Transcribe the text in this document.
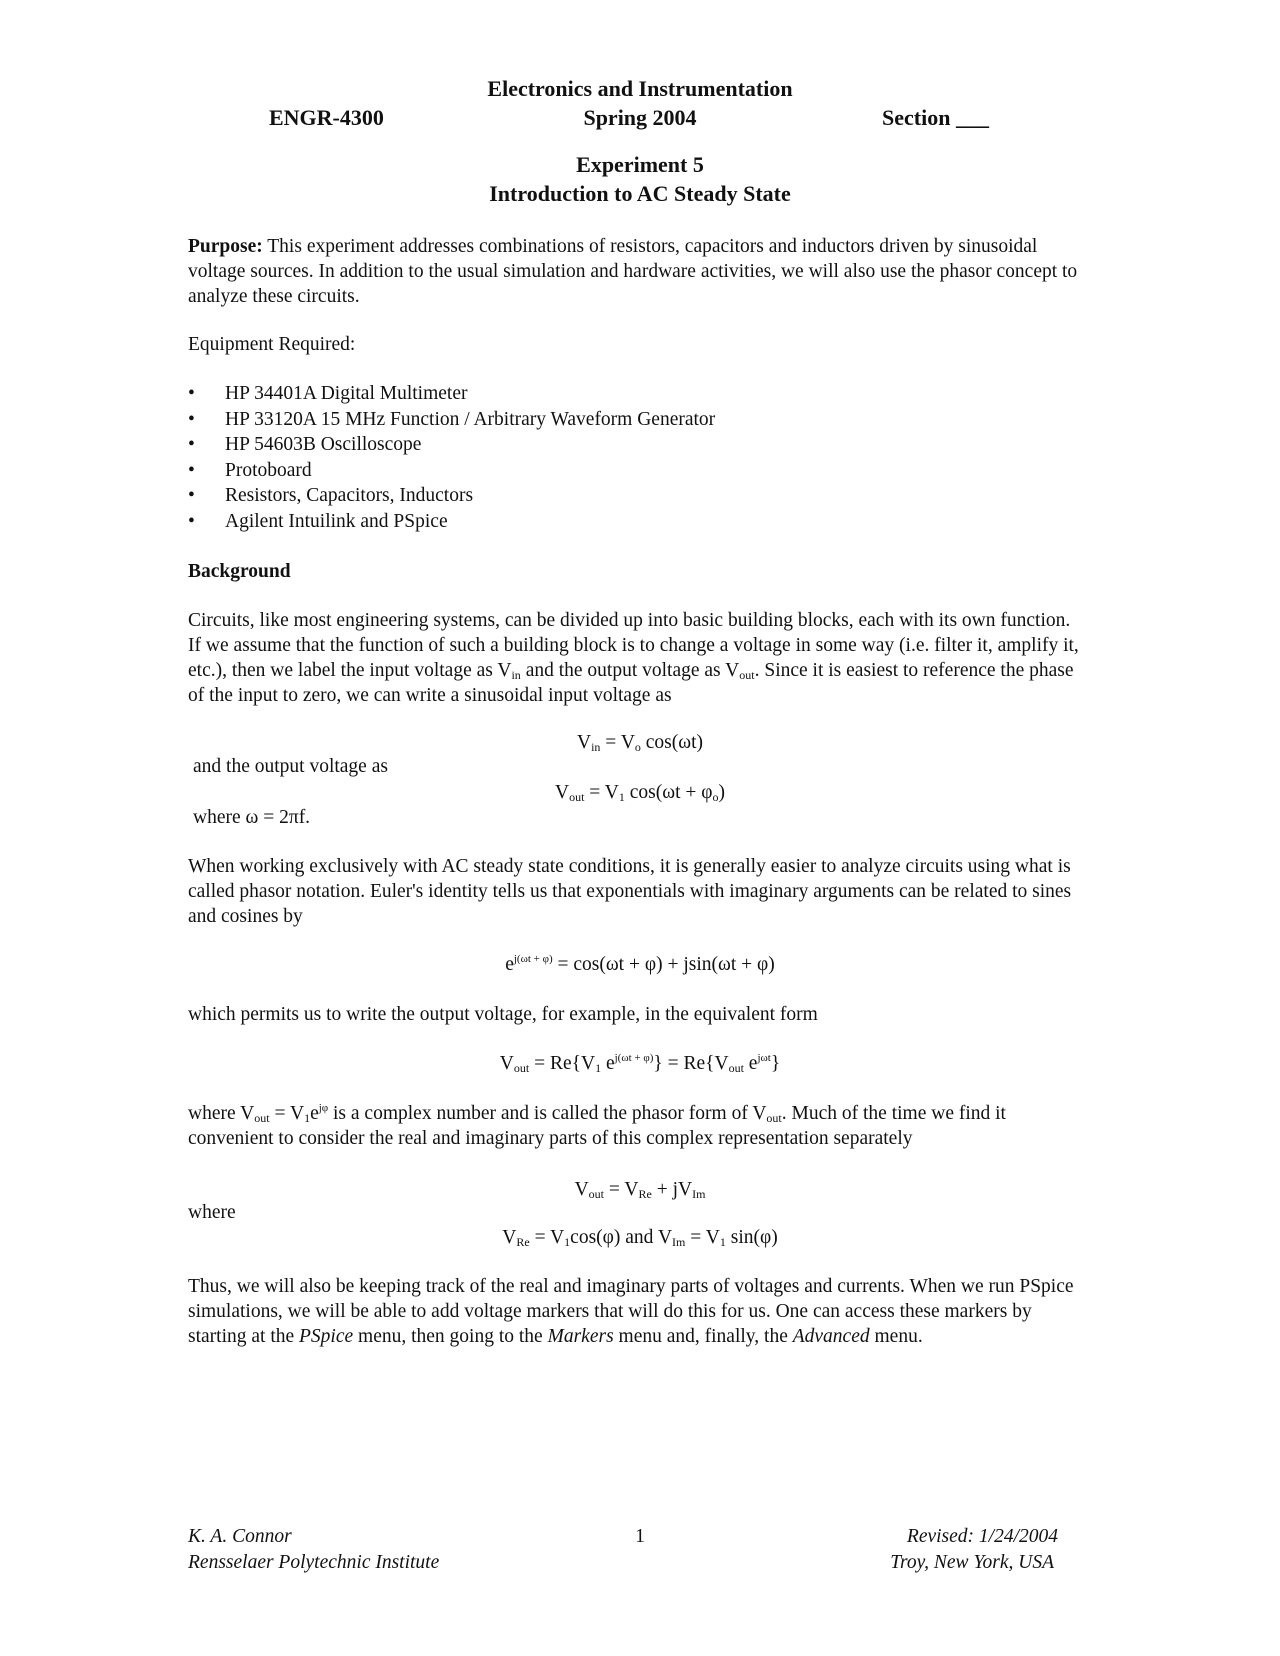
Electronics and Instrumentation
ENGR-4300	Spring 2004	Section ___
Experiment 5
Introduction to AC Steady State
Purpose: This experiment addresses combinations of resistors, capacitors and inductors driven by sinusoidal voltage sources. In addition to the usual simulation and hardware activities, we will also use the phasor concept to analyze these circuits.
Equipment Required:
• HP 34401A Digital Multimeter
• HP 33120A 15 MHz Function / Arbitrary Waveform Generator
• HP 54603B Oscilloscope
• Protoboard
• Resistors, Capacitors, Inductors
• Agilent Intuilink and PSpice
Background
Circuits, like most engineering systems, can be divided up into basic building blocks, each with its own function. If we assume that the function of such a building block is to change a voltage in some way (i.e. filter it, amplify it, etc.), then we label the input voltage as $V_{in}$ and the output voltage as $V_{out}$. Since it is easiest to reference the phase of the input to zero, we can write a sinusoidal input voltage as
$V_{in} = V_o$ cos(ωt)
and the output voltage as
$V_{out} = V_1$ $\cos(\omega t + \varphi_o)$
where ω = 2πf.
When working exclusively with AC steady state conditions, it is generally easier to analyze circuits using what is called phasor notation. Euler's identity tells us that exponentials with imaginary arguments can be related to sines and cosines by
$e^{j(\omega t + \varphi)} = \cos(\omega t + \varphi) + jsin(\omega t + \varphi)$
which permits us to write the output voltage, for example, in the equivalent form
$V_{out} = Re\{V_1$ $e^{j(\omega t + \varphi)}\} = Re\{V_{out}$ $e^{j\omega t}$}
where $V_{out} = V_1e^{j\varphi}$ is a complex number and is called the phasor form of $V_{out}$. Much of the time we find it convenient to consider the real and imaginary parts of this complex representation separately
$V_{out} = V_{Re} + jV_{Im}$
where
$V_{Re} = V_1\cos(\varphi)$ and $V_{Im} = V_1$ sin(φ)
Thus, we will also be keeping track of the real and imaginary parts of voltages and currents. When we run PSpice simulations, we will be able to add voltage markers that will do this for us. One can access these markers by starting at the PSpice menu, then going to the Markers menu and, finally, the Advanced menu.
K. A. Connor
Rensselaer Polytechnic Institute
1	Revised: 1/24/2004
Troy, New York, USA
